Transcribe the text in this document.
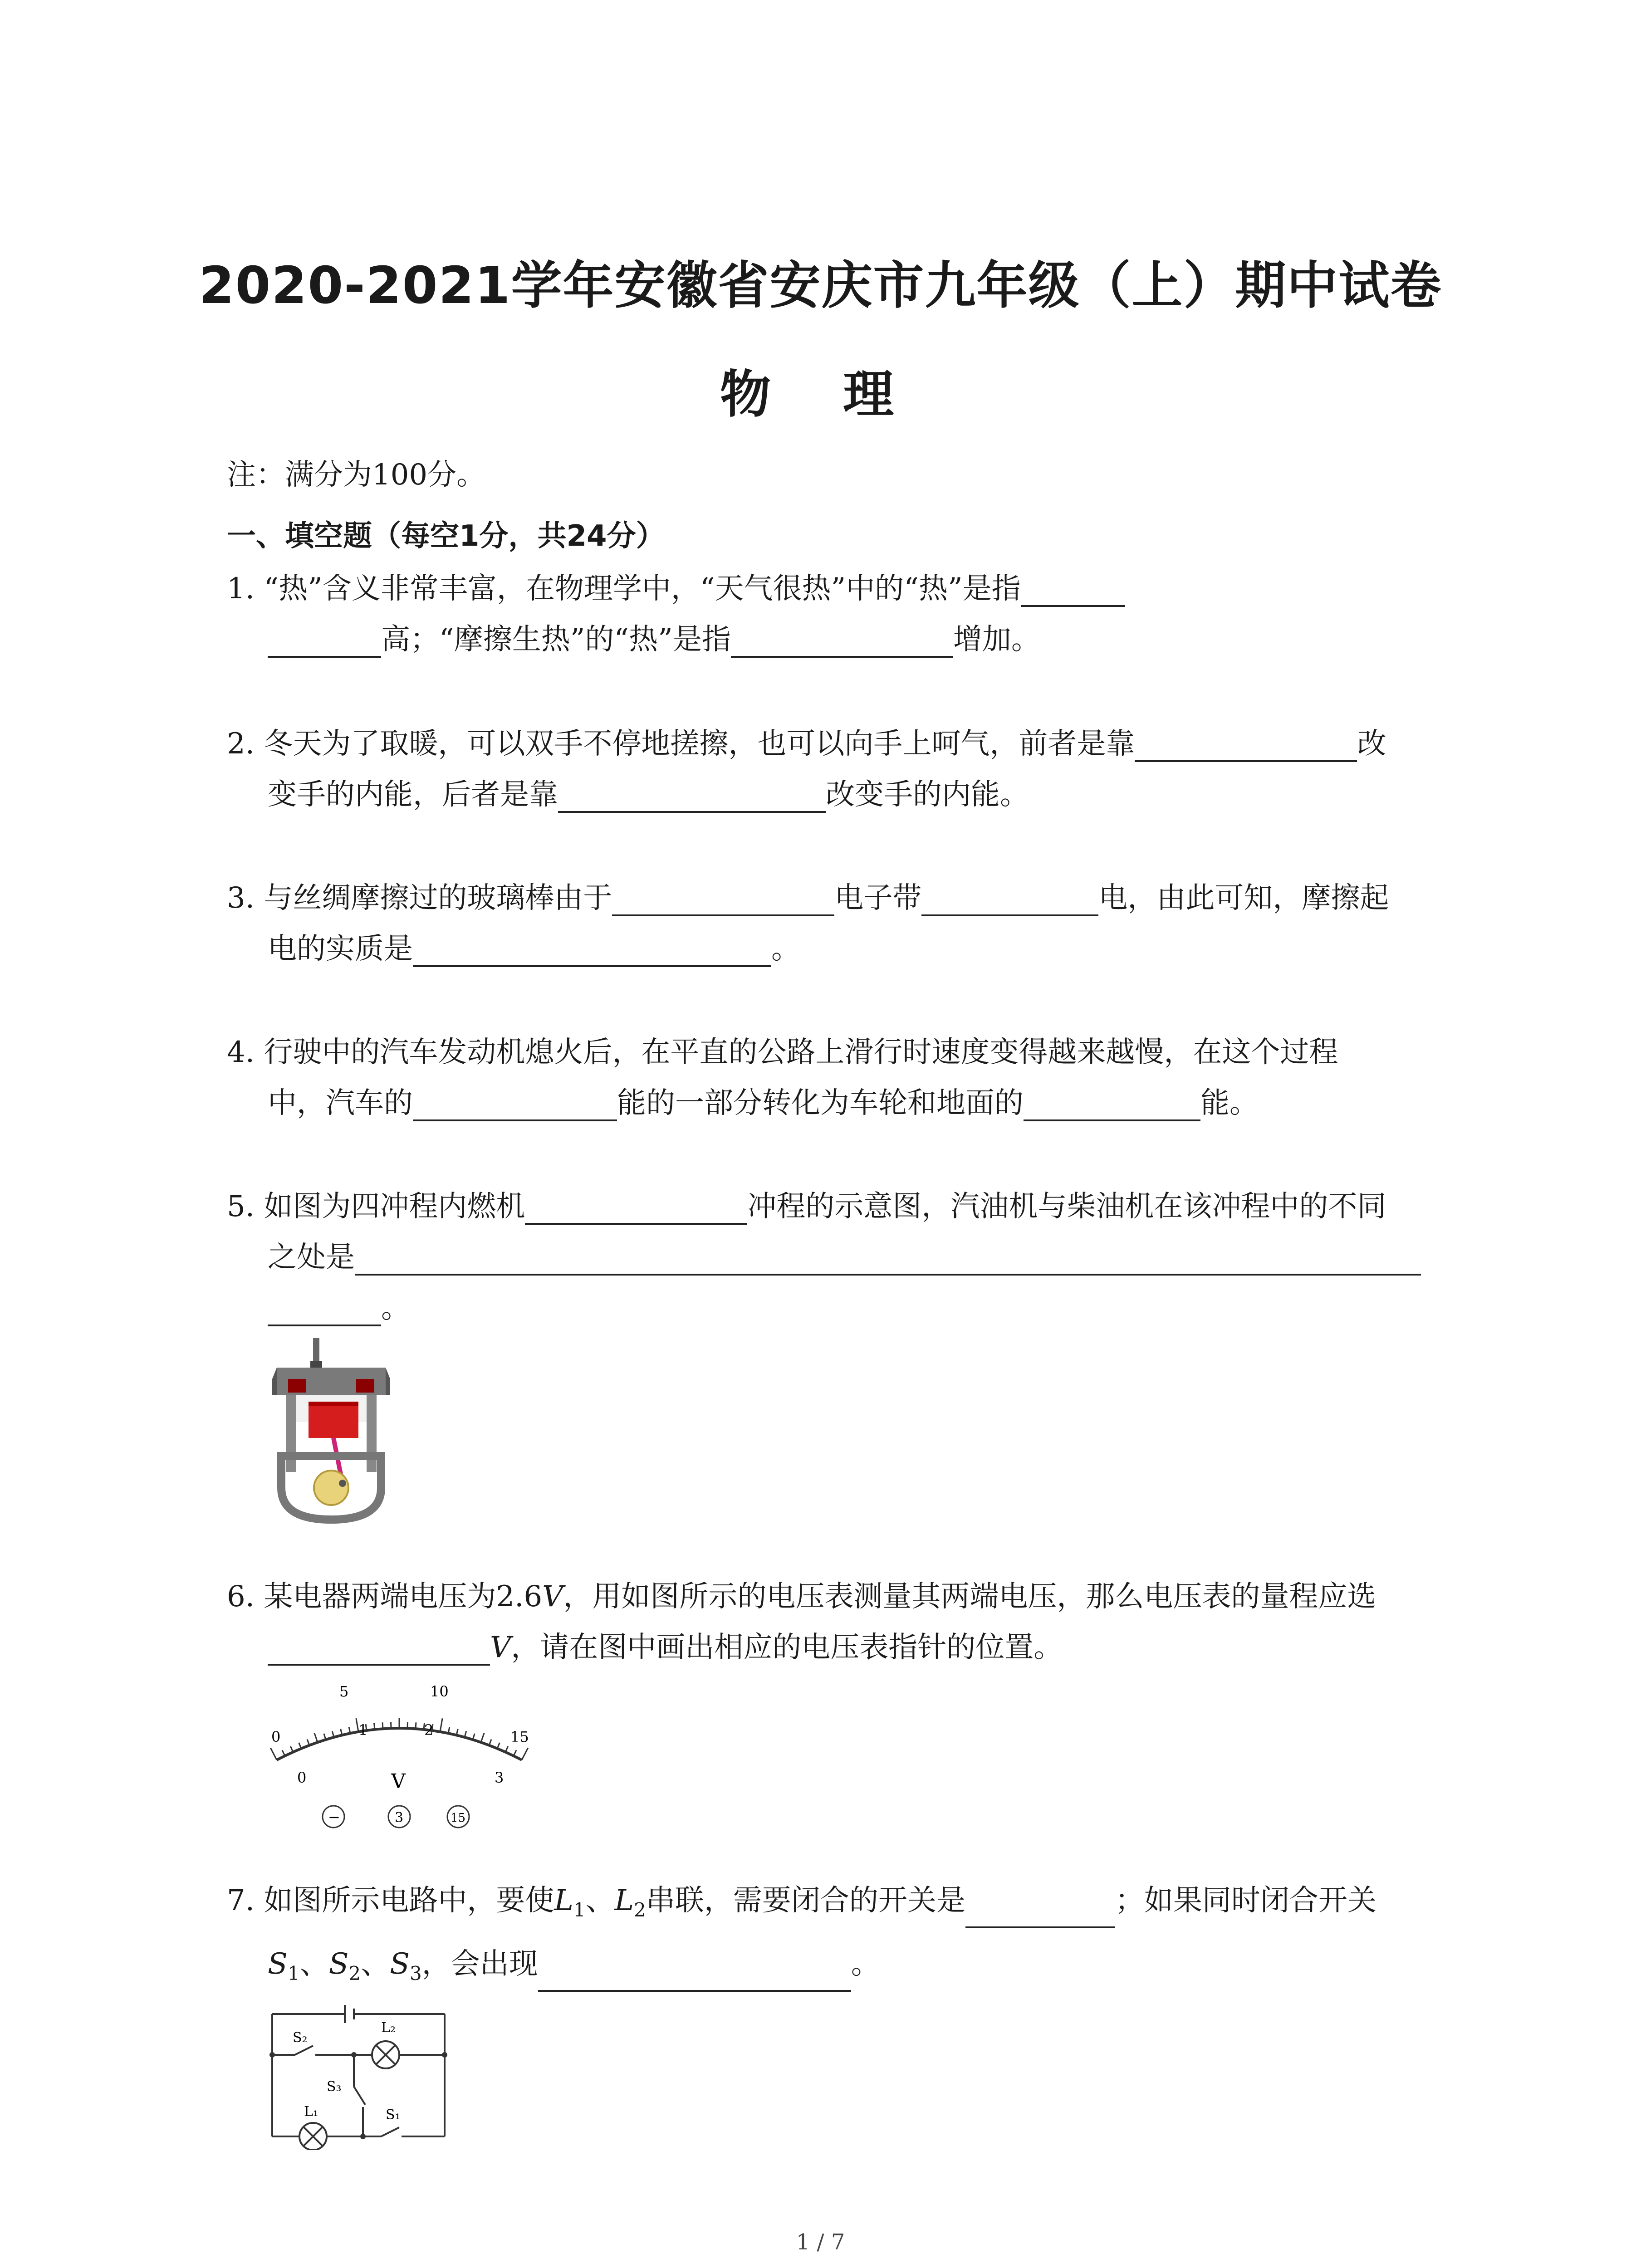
2020-2021学年安徽省安庆市九年级（上）期中试卷
物 理
注：满分为100分。
一、填空题（每空1分，共24分）
1. “热”含义非常丰富，在物理学中，“天气很热”中的“热”是指
高；“摩擦生热”的“热”是指	增加。
2. 冬天为了取暖，可以双手不停地搓擦，也可以向手上呵气，前者是靠	改
变手的内能，后者是靠	改变手的内能。
3. 与丝绸摩擦过的玻璃棒由于	电子带	电，由此可知，摩擦起
电的实质是	。
4. 行驶中的汽车发动机熄火后，在平直的公路上滑行时速度变得越来越慢，在这个过程
中，汽车的	能的一部分转化为车轮和地面的	能。
5. 如图为四冲程内燃机	冲程的示意图，汽油机与柴油机在该冲程中的不同
之处是
。
6. 某电器两端电压为2.6V，用如图所示的电压表测量其两端电压，那么电压表的量程应选
V，请在图中画出相应的电压表指针的位置。
0
5	10
15
0
1	2
3
V
−	3	15
7. 如图所示电路中，要使$L_1$、$L_2$串联，需要闭合的开关是	；如果同时闭合开关
$S_1$、$S_2$、$S_3$，会出现	。
S₂
L₂
S₃
L₁	S₁
1 / 7
